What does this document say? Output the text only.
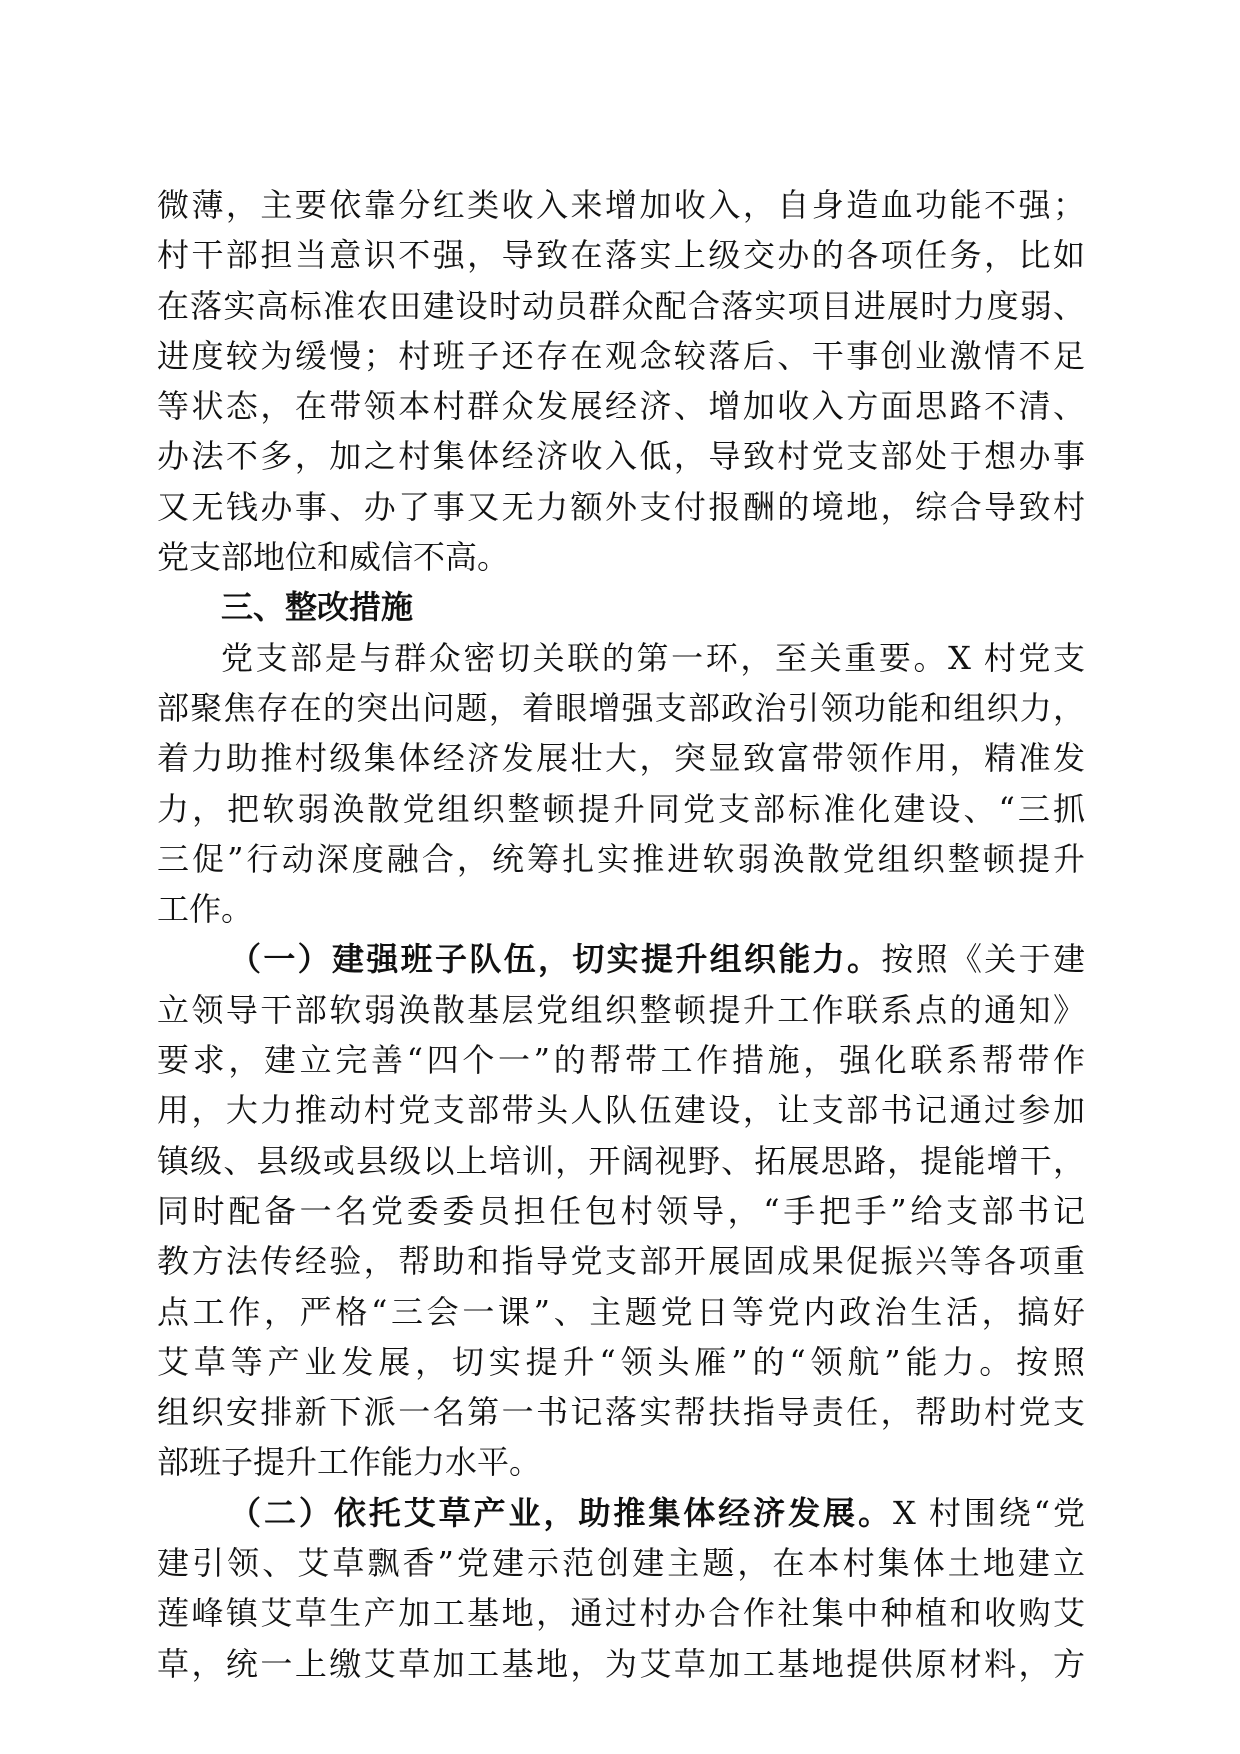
微薄，主要依靠分红类收入来增加收入，自身造血功能不强；
村干部担当意识不强，导致在落实上级交办的各项任务，比如
在落实高标准农田建设时动员群众配合落实项目进展时力度弱、
进度较为缓慢；村班子还存在观念较落后、干事创业激情不足
等状态，在带领本村群众发展经济、增加收入方面思路不清、
办法不多，加之村集体经济收入低，导致村党支部处于想办事
又无钱办事、办了事又无力额外支付报酬的境地，综合导致村
党支部地位和威信不高。
三、整改措施
党支部是与群众密切关联的第一环，至关重要。X 村党支
部聚焦存在的突出问题，着眼增强支部政治引领功能和组织力，
着力助推村级集体经济发展壮大，突显致富带领作用，精准发
力，把软弱涣散党组织整顿提升同党支部标准化建设、“三抓
三促”行动深度融合，统筹扎实推进软弱涣散党组织整顿提升
工作。
（一）建强班子队伍，切实提升组织能力。按照《关于建
立领导干部软弱涣散基层党组织整顿提升工作联系点的通知》
要求，建立完善“四个一”的帮带工作措施，强化联系帮带作
用，大力推动村党支部带头人队伍建设，让支部书记通过参加
镇级、县级或县级以上培训，开阔视野、拓展思路，提能增干，
同时配备一名党委委员担任包村领导，“手把手”给支部书记
教方法传经验，帮助和指导党支部开展固成果促振兴等各项重
点工作，严格“三会一课”、主题党日等党内政治生活，搞好
艾草等产业发展，切实提升“领头雁”的“领航”能力。按照
组织安排新下派一名第一书记落实帮扶指导责任，帮助村党支
部班子提升工作能力水平。
（二）依托艾草产业，助推集体经济发展。X 村围绕“党
建引领、艾草飘香”党建示范创建主题，在本村集体土地建立
莲峰镇艾草生产加工基地，通过村办合作社集中种植和收购艾
草，统一上缴艾草加工基地，为艾草加工基地提供原材料，方
